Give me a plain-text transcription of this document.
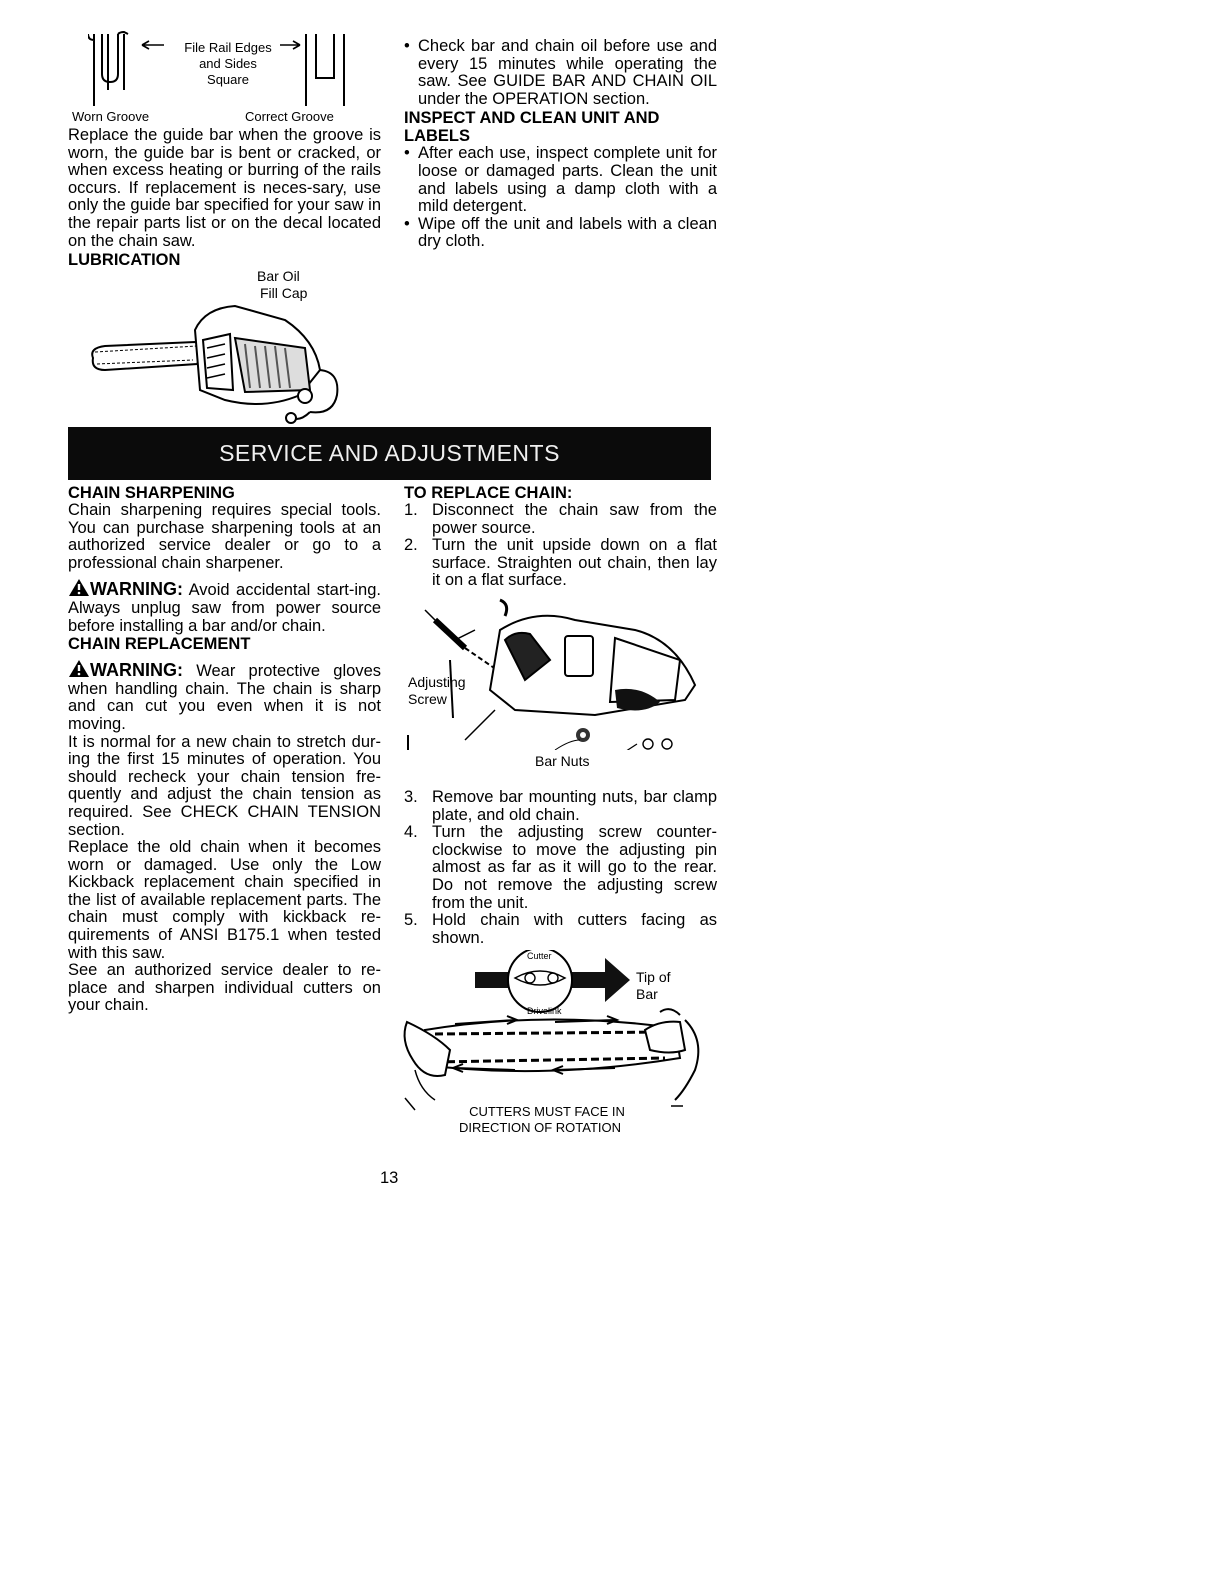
File Rail Edges
and Sides
Square
Worn Groove	Correct Groove
Replace the guide bar when the groove is worn, the guide bar is bent or cracked, or when excess heating or burring of the rails occurs. If replacement is neces-sary, use only the guide bar specified for your saw in the repair parts list or on the decal located on the chain saw.
LUBRICATION
Bar Oil
Fill Cap

• Check bar and chain oil before use and every 15 minutes while operating the saw. See GUIDE BAR AND CHAIN OIL under the OPERATION section.

INSPECT AND CLEAN UNIT AND LABELS

• After each use, inspect complete unit for loose or damaged parts. Clean the unit and labels using a damp cloth with a mild detergent.

• Wipe off the unit and labels with a clean dry cloth.

SERVICE AND ADJUSTMENTS

CHAIN SHARPENING

Chain sharpening requires special tools. You can purchase sharpening tools at an authorized service dealer or go to a professional chain sharpener.

WARNING: Avoid accidental start-ing. Always unplug saw from power source before installing a bar and/or chain.

CHAIN REPLACEMENT

WARNING: Wear protective gloves when handling chain. The chain is sharp and can cut you even when it is not moving.

It is normal for a new chain to stretch dur-ing the first 15 minutes of operation. You should recheck your chain tension fre-quently and adjust the chain tension as required. See CHECK CHAIN TENSION section.

Replace the old chain when it becomes worn or damaged. Use only the Low Kickback replacement chain specified in the list of available replacement parts. The chain must comply with kickback re-quirements of ANSI B175.1 when tested with this saw.

See an authorized service dealer to re-place and sharpen individual cutters on your chain.

TO REPLACE CHAIN:

1. Disconnect the chain saw from the power source.
2. Turn the unit upside down on a flat surface. Straighten out chain, then lay it on a flat surface.
Adjusting
Screw
Bar Nuts
3. Remove bar mounting nuts, bar clamp plate, and old chain.
4. Turn the adjusting screw counter-clockwise to move the adjusting pin almost as far as it will go to the rear. Do not remove the adjusting screw from the unit.
5. Hold chain with cutters facing as shown.
Cutter
Drivelink
Tip of
Bar
CUTTERS MUST FACE IN
DIRECTION OF ROTATION
13
